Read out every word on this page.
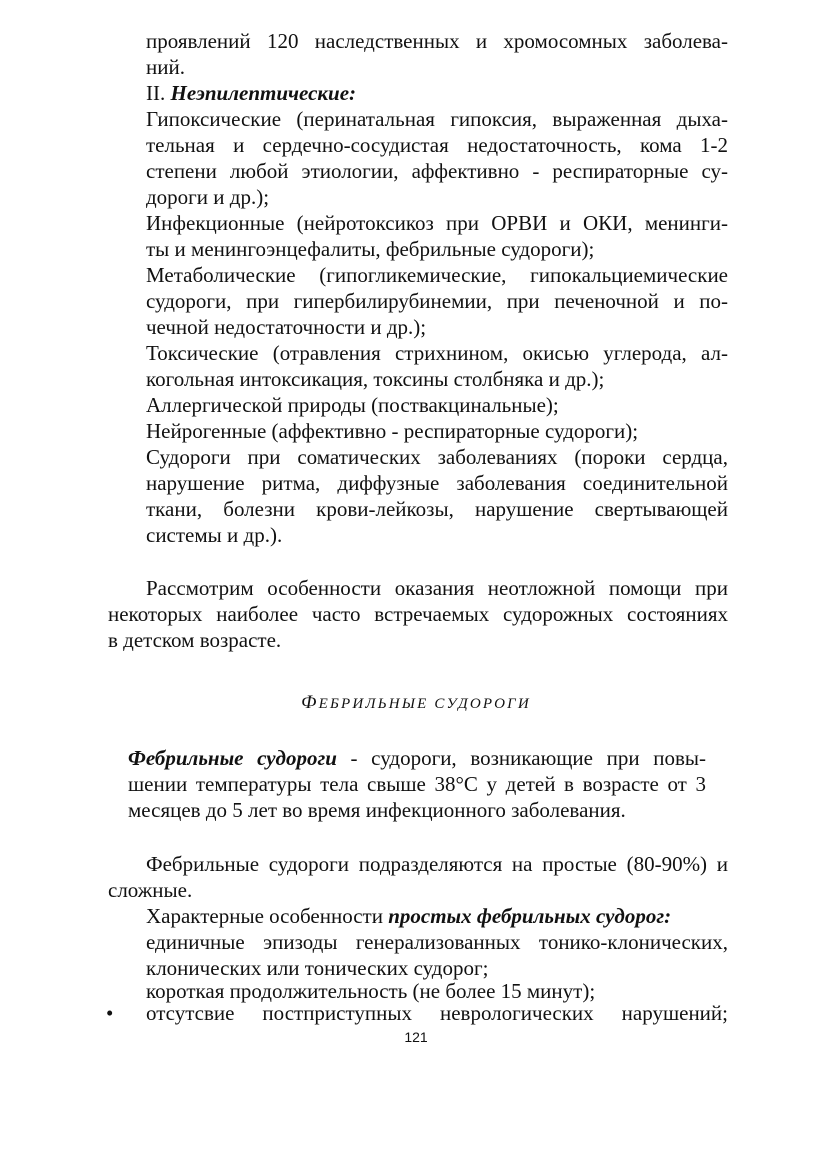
проявлений 120 наследственных и хромосомных заболева-

ний.

II. Неэпилептические:

Гипоксические (перинатальная гипоксия, выраженная дыха-

тельная и сердечно-сосудистая недостаточность, кома 1-2

степени любой этиологии, аффективно - респираторные су-

дороги и др.);

Инфекционные (нейротоксикоз при ОРВИ и ОКИ, менинги-

ты и менингоэнцефалиты, фебрильные судороги);

Метаболические (гипогликемические, гипокальциемические

судороги, при гипербилирубинемии, при печеночной и по-

чечной недостаточности и др.);

Токсические (отравления стрихнином, окисью углерода, ал-

когольная интоксикация, токсины столбняка и др.);

Аллергической природы (поствакцинальные);

Нейрогенные (аффективно - респираторные судороги);

Судороги при соматических заболеваниях (пороки сердца,

нарушение ритма, диффузные заболевания соединительной

ткани, болезни крови-лейкозы, нарушение свертывающей

системы и др.).

Рассмотрим особенности оказания неотложной помощи при

некоторых наиболее часто встречаемых судорожных состояниях

в детском возрасте.

ФЕБРИЛЬНЫЕ СУДОРОГИ

Фебрильные судороги - судороги, возникающие при повы-

шении температуры тела свыше 38°С у детей в возрасте от 3

месяцев до 5 лет во время инфекционного заболевания.

Фебрильные судороги подразделяются на простые (80-90%) и

сложные.

Характерные особенности простых фебрильных судорог:

единичные эпизоды генерализованных тонико-клонических,

клонических или тонических судорог;

короткая продолжительность (не более 15 минут);

• отсутсвие постприступных неврологических нарушений;

121
